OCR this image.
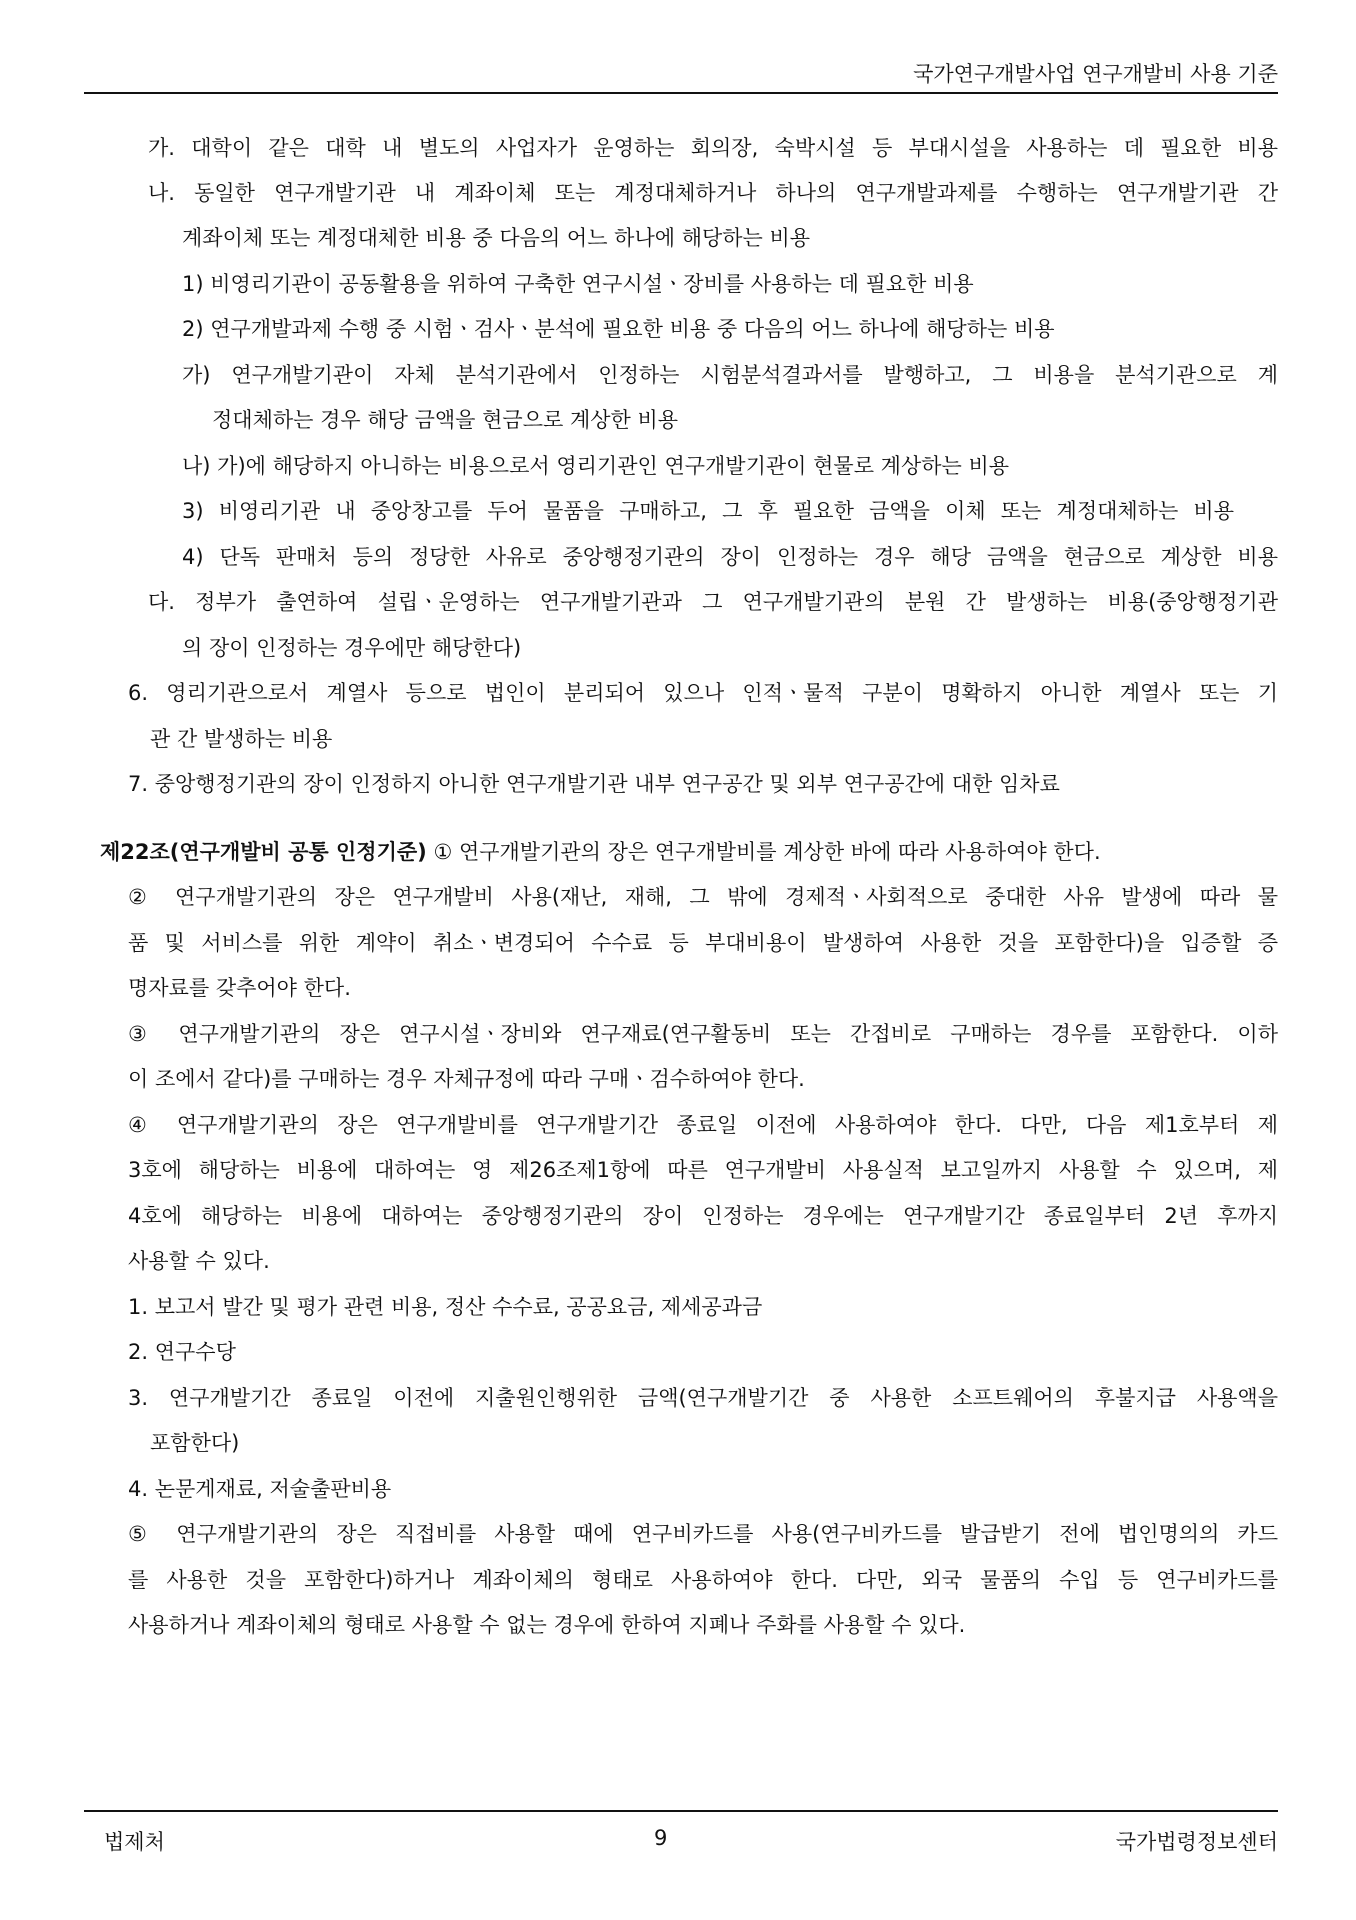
국가연구개발사업 연구개발비 사용 기준
가. 대학이 같은 대학 내 별도의 사업자가 운영하는 회의장, 숙박시설 등 부대시설을 사용하는 데 필요한 비용
나. 동일한 연구개발기관 내 계좌이체 또는 계정대체하거나 하나의 연구개발과제를 수행하는 연구개발기관 간
계좌이체 또는 계정대체한 비용 중 다음의 어느 하나에 해당하는 비용
1) 비영리기관이 공동활용을 위하여 구축한 연구시설ㆍ장비를 사용하는 데 필요한 비용
2) 연구개발과제 수행 중 시험ㆍ검사ㆍ분석에 필요한 비용 중 다음의 어느 하나에 해당하는 비용
가) 연구개발기관이 자체 분석기관에서 인정하는 시험분석결과서를 발행하고, 그 비용을 분석기관으로 계
정대체하는 경우 해당 금액을 현금으로 계상한 비용
나) 가)에 해당하지 아니하는 비용으로서 영리기관인 연구개발기관이 현물로 계상하는 비용
3) 비영리기관 내 중앙창고를 두어 물품을 구매하고, 그 후 필요한 금액을 이체 또는 계정대체하는 비용
4) 단독 판매처 등의 정당한 사유로 중앙행정기관의 장이 인정하는 경우 해당 금액을 현금으로 계상한 비용
다. 정부가 출연하여 설립ㆍ운영하는 연구개발기관과 그 연구개발기관의 분원 간 발생하는 비용(중앙행정기관
의 장이 인정하는 경우에만 해당한다)
6. 영리기관으로서 계열사 등으로 법인이 분리되어 있으나 인적ㆍ물적 구분이 명확하지 아니한 계열사 또는 기
관 간 발생하는 비용
7. 중앙행정기관의 장이 인정하지 아니한 연구개발기관 내부 연구공간 및 외부 연구공간에 대한 임차료
제22조(연구개발비 공통 인정기준) ① 연구개발기관의 장은 연구개발비를 계상한 바에 따라 사용하여야 한다.
② 연구개발기관의 장은 연구개발비 사용(재난, 재해, 그 밖에 경제적ㆍ사회적으로 중대한 사유 발생에 따라 물
품 및 서비스를 위한 계약이 취소ㆍ변경되어 수수료 등 부대비용이 발생하여 사용한 것을 포함한다)을 입증할 증
명자료를 갖추어야 한다.
③ 연구개발기관의 장은 연구시설ㆍ장비와 연구재료(연구활동비 또는 간접비로 구매하는 경우를 포함한다. 이하
이 조에서 같다)를 구매하는 경우 자체규정에 따라 구매ㆍ검수하여야 한다.
④ 연구개발기관의 장은 연구개발비를 연구개발기간 종료일 이전에 사용하여야 한다. 다만, 다음 제1호부터 제
3호에 해당하는 비용에 대하여는 영 제26조제1항에 따른 연구개발비 사용실적 보고일까지 사용할 수 있으며, 제
4호에 해당하는 비용에 대하여는 중앙행정기관의 장이 인정하는 경우에는 연구개발기간 종료일부터 2년 후까지
사용할 수 있다.
1. 보고서 발간 및 평가 관련 비용, 정산 수수료, 공공요금, 제세공과금
2. 연구수당
3. 연구개발기간 종료일 이전에 지출원인행위한 금액(연구개발기간 중 사용한 소프트웨어의 후불지급 사용액을
포함한다)
4. 논문게재료, 저술출판비용
⑤ 연구개발기관의 장은 직접비를 사용할 때에 연구비카드를 사용(연구비카드를 발급받기 전에 법인명의의 카드
를 사용한 것을 포함한다)하거나 계좌이체의 형태로 사용하여야 한다. 다만, 외국 물품의 수입 등 연구비카드를
사용하거나 계좌이체의 형태로 사용할 수 없는 경우에 한하여 지폐나 주화를 사용할 수 있다.
법제처	9	국가법령정보센터
